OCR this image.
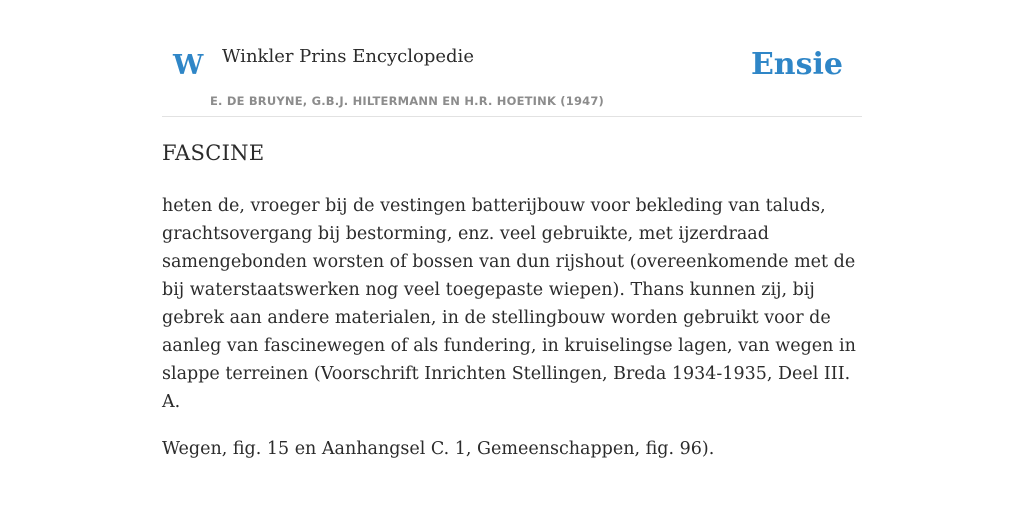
W Winkler Prins Encyclopedie
E. DE BRUYNE, G.B.J. HILTERMANN EN H.R. HOETINK (1947)
Ensie
FASCINE

heten de, vroeger bij de vestingen batterijbouw voor bekleding van taluds, grachtsovergang bij bestorming, enz. veel gebruikte, met ijzerdraad samengebonden worsten of bossen van dun rijshout (overeenkomende met de bij waterstaatswerken nog veel toegepaste wiepen). Thans kunnen zij, bij gebrek aan andere materialen, in de stellingbouw worden gebruikt voor de aanleg van fascinewegen of als fundering, in kruiselingse lagen, van wegen in slappe terreinen (Voorschrift Inrichten Stellingen, Breda 1934-1935, Deel III. A.

Wegen, fig. 15 en Aanhangsel C. 1, Gemeenschappen, fig. 96).
